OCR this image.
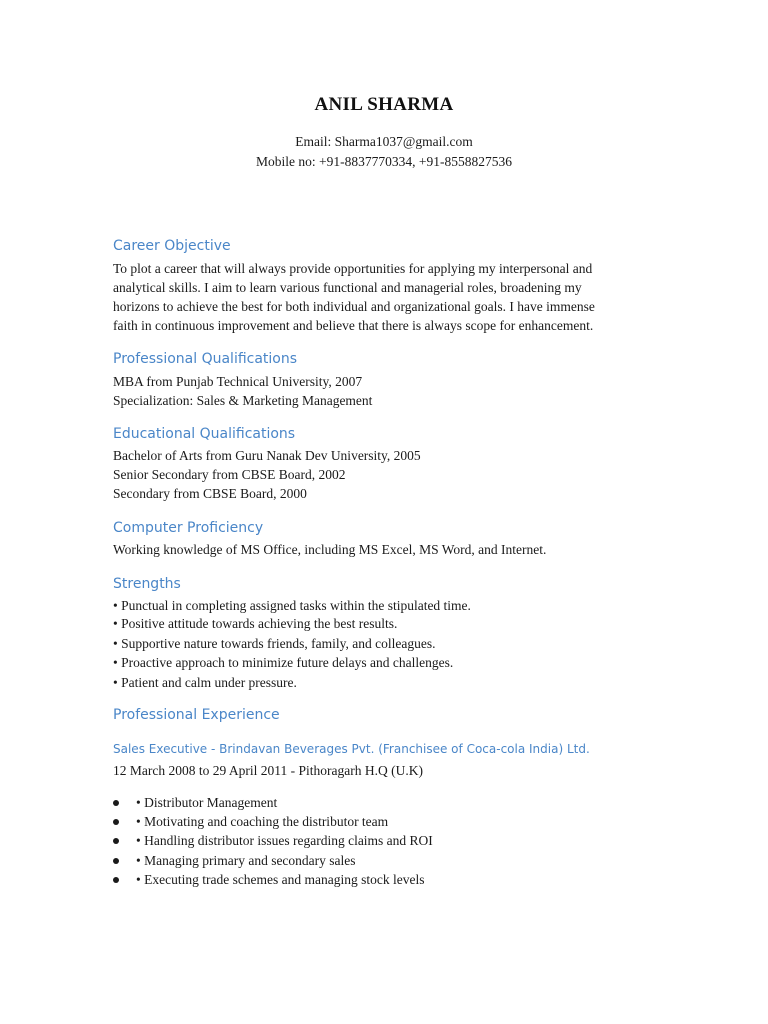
ANIL SHARMA
Email: Sharma1037@gmail.com
Mobile no: +91-8837770334, +91-8558827536
Career Objective
To plot a career that will always provide opportunities for applying my interpersonal and
analytical skills. I aim to learn various functional and managerial roles, broadening my
horizons to achieve the best for both individual and organizational goals. I have immense
faith in continuous improvement and believe that there is always scope for enhancement.
Professional Qualifications
MBA from Punjab Technical University, 2007
Specialization: Sales & Marketing Management
Educational Qualifications
Bachelor of Arts from Guru Nanak Dev University, 2005
Senior Secondary from CBSE Board, 2002
Secondary from CBSE Board, 2000
Computer Proficiency
Working knowledge of MS Office, including MS Excel, MS Word, and Internet.
Strengths
• Punctual in completing assigned tasks within the stipulated time.
• Positive attitude towards achieving the best results.
• Supportive nature towards friends, family, and colleagues.
• Proactive approach to minimize future delays and challenges.
• Patient and calm under pressure.
Professional Experience
Sales Executive - Brindavan Beverages Pvt. (Franchisee of Coca-cola India) Ltd.
12 March 2008 to 29 April 2011 - Pithoragarh H.Q (U.K)
• Distributor Management
• Motivating and coaching the distributor team
• Handling distributor issues regarding claims and ROI
• Managing primary and secondary sales
• Executing trade schemes and managing stock levels
